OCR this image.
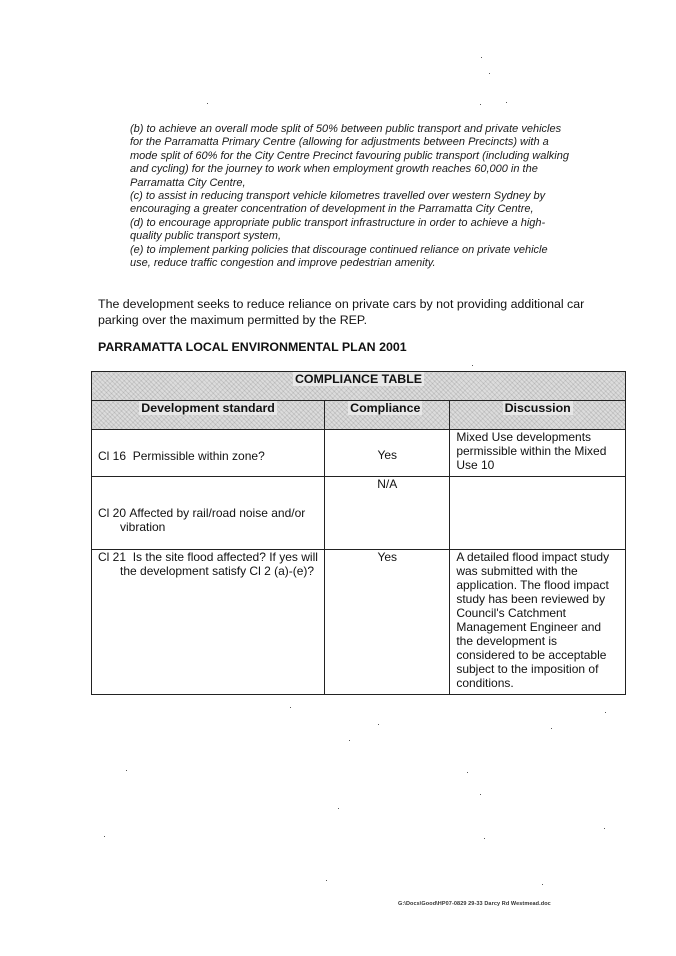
(b) to achieve an overall mode split of 50% between public transport and private vehicles for the Parramatta Primary Centre (allowing for adjustments between Precincts) with a mode split of 60% for the City Centre Precinct favouring public transport (including walking and cycling) for the journey to work when employment growth reaches 60,000 in the Parramatta City Centre,

(c) to assist in reducing transport vehicle kilometres travelled over western Sydney by encouraging a greater concentration of development in the Parramatta City Centre,

(d) to encourage appropriate public transport infrastructure in order to achieve a high-quality public transport system,

(e) to implement parking policies that discourage continued reliance on private vehicle use, reduce traffic congestion and improve pedestrian amenity.

The development seeks to reduce reliance on private cars by not providing additional car parking over the maximum permitted by the REP.

PARRAMATTA LOCAL ENVIRONMENTAL PLAN 2001
COMPLIANCE TABLE		
Development standard	Compliance	Discussion
Cl 16 Permissible within zone?	Yes	Mixed Use developments permissible within the Mixed Use 10

Cl 20 Affected by rail/road noise and/or vibration	N/A	

Cl 21 Is the site flood affected? If yes will the development satisfy Cl 2 (a)-(e)?	Yes	A detailed flood impact study was submitted with the application. The flood impact study has been reviewed by Council's Catchment Management Engineer and the development is considered to be acceptable subject to the imposition of conditions.
G:\Docs\Good\HP07-0829 29-33 Darcy Rd Westmead.doc
